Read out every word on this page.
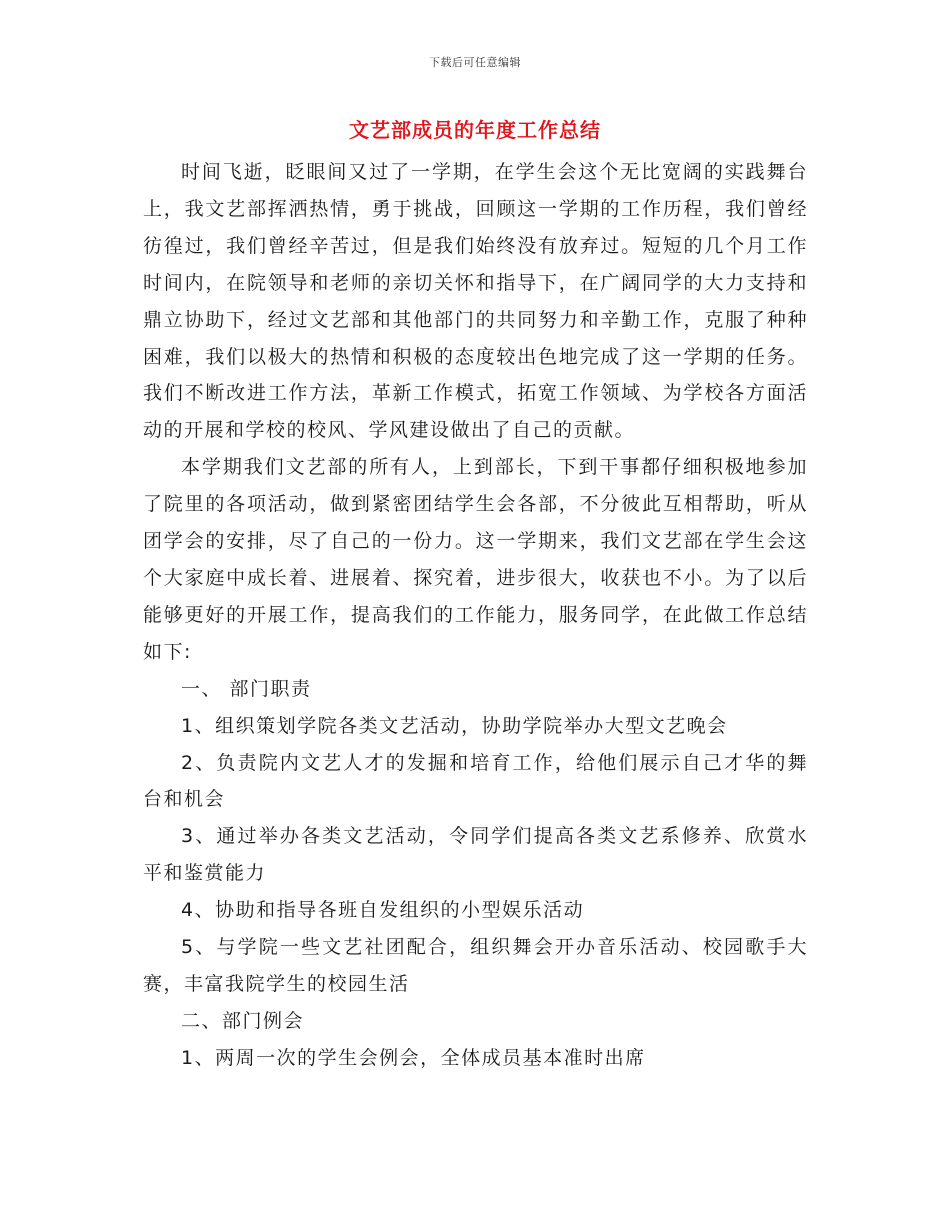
下载后可任意编辑
文艺部成员的年度工作总结

时间飞逝，眨眼间又过了一学期，在学生会这个无比宽阔的实践舞台上，我文艺部挥洒热情，勇于挑战，回顾这一学期的工作历程，我们曾经彷徨过，我们曾经辛苦过，但是我们始终没有放弃过。短短的几个月工作时间内，在院领导和老师的亲切关怀和指导下，在广阔同学的大力支持和鼎立协助下，经过文艺部和其他部门的共同努力和辛勤工作，克服了种种困难，我们以极大的热情和积极的态度较出色地完成了这一学期的任务。我们不断改进工作方法，革新工作模式，拓宽工作领域、为学校各方面活动的开展和学校的校风、学风建设做出了自己的贡献。

本学期我们文艺部的所有人，上到部长，下到干事都仔细积极地参加了院里的各项活动，做到紧密团结学生会各部，不分彼此互相帮助，听从团学会的安排，尽了自己的一份力。这一学期来，我们文艺部在学生会这个大家庭中成长着、进展着、探究着，进步很大，收获也不小。为了以后能够更好的开展工作，提高我们的工作能力，服务同学，在此做工作总结如下:

一、 部门职责

1、组织策划学院各类文艺活动，协助学院举办大型文艺晚会

2、负责院内文艺人才的发掘和培育工作，给他们展示自己才华的舞台和机会

3、通过举办各类文艺活动，令同学们提高各类文艺系修养、欣赏水平和鉴赏能力

4、协助和指导各班自发组织的小型娱乐活动

5、与学院一些文艺社团配合，组织舞会开办音乐活动、校园歌手大赛，丰富我院学生的校园生活

二、部门例会

1、两周一次的学生会例会，全体成员基本准时出席
